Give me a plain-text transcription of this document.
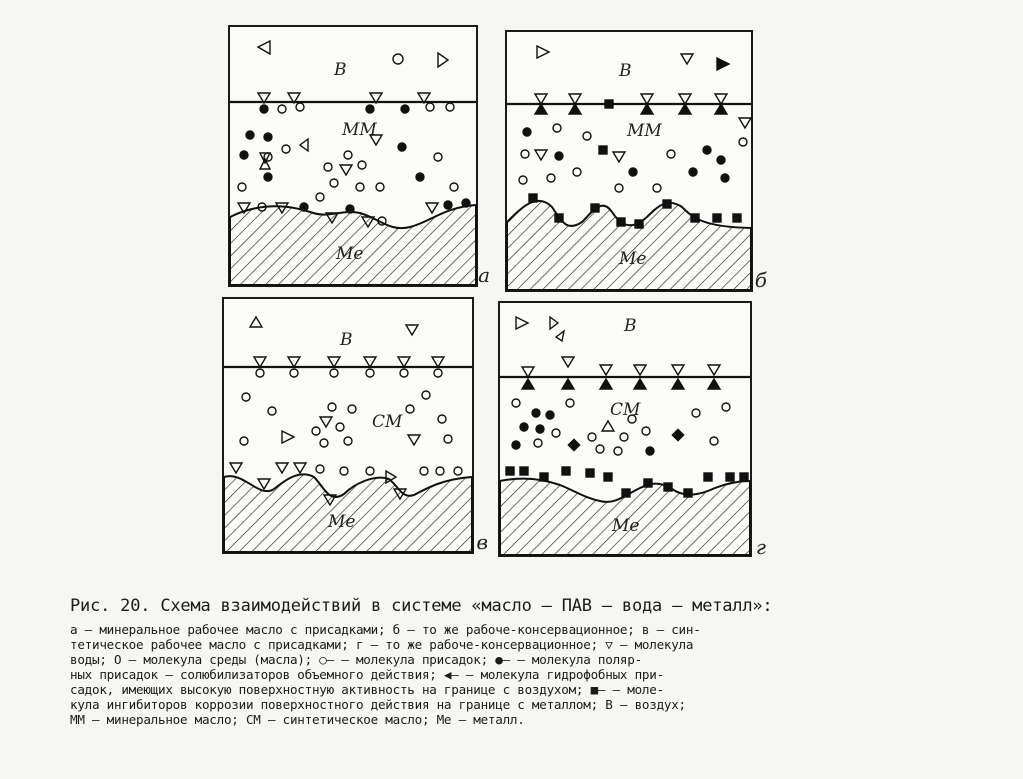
В
ММ
Ме
а
В
ММ
Ме
б
В
СМ
Ме
в
В
СМ
Ме
г
Рис. 20. Схема взаимодействий в системе «масло — ПАВ — вода — металл»:
а — минеральное рабочее масло с присадками; б — то же рабоче-консервационное; в — син-
тетическое рабочее масло с присадками; г — то же рабоче-консервационное; ▽ — молекула
воды; О — молекула среды (масла); ○— — молекула присадок; ●— — молекула поляр-
ных присадок — солюбилизаторов объемного действия; ◀— — молекула гидрофобных при-
садок, имеющих высокую поверхностную активность на границе с воздухом; ■— — моле-
кула ингибиторов коррозии поверхностного действия на границе с металлом; В — воздух;
ММ — минеральное масло; СМ — синтетическое масло; Ме — металл.
